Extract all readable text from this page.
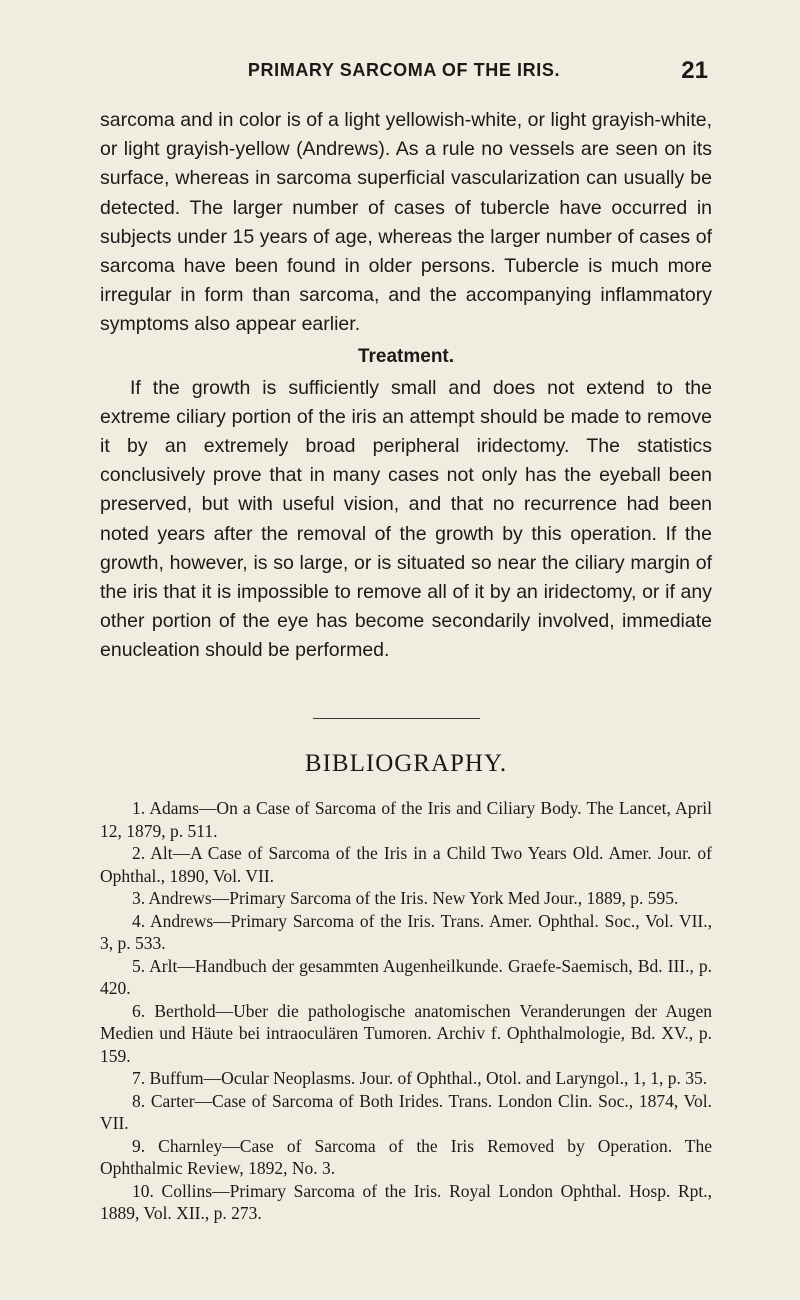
PRIMARY SARCOMA OF THE IRIS.	21

sarcoma and in color is of a light yellowish-white, or light grayish-white, or light grayish-yellow (Andrews). As a rule no vessels are seen on its surface, whereas in sarcoma superficial vascularization can usually be detected. The larger number of cases of tubercle have occurred in subjects under 15 years of age, whereas the larger number of cases of sarcoma have been found in older persons. Tubercle is much more irregular in form than sarcoma, and the accompanying inflammatory symptoms also appear earlier.

Treatment.

If the growth is sufficiently small and does not extend to the extreme ciliary portion of the iris an attempt should be made to remove it by an extremely broad peripheral iridectomy. The statistics conclusively prove that in many cases not only has the eyeball been preserved, but with useful vision, and that no recurrence had been noted years after the removal of the growth by this operation. If the growth, however, is so large, or is situated so near the ciliary margin of the iris that it is impossible to remove all of it by an iridectomy, or if any other portion of the eye has become secondarily involved, immediate enucleation should be performed.

BIBLIOGRAPHY.
1. Adams—On a Case of Sarcoma of the Iris and Ciliary Body. The Lancet, April 12, 1879, p. 511.
2. Alt—A Case of Sarcoma of the Iris in a Child Two Years Old. Amer. Jour. of Ophthal., 1890, Vol. VII.
3. Andrews—Primary Sarcoma of the Iris. New York Med Jour., 1889, p. 595.
4. Andrews—Primary Sarcoma of the Iris. Trans. Amer. Ophthal. Soc., Vol. VII., 3, p. 533.
5. Arlt—Handbuch der gesammten Augenheilkunde. Graefe-Saemisch, Bd. III., p. 420.
6. Berthold—Uber die pathologische anatomischen Veranderungen der Augen Medien und Häute bei intraoculären Tumoren. Archiv f. Ophthalmologie, Bd. XV., p. 159.
7. Buffum—Ocular Neoplasms. Jour. of Ophthal., Otol. and Laryngol., 1, 1, p. 35.
8. Carter—Case of Sarcoma of Both Irides. Trans. London Clin. Soc., 1874, Vol. VII.
9. Charnley—Case of Sarcoma of the Iris Removed by Operation. The Ophthalmic Review, 1892, No. 3.
10. Collins—Primary Sarcoma of the Iris. Royal London Ophthal. Hosp. Rpt., 1889, Vol. XII., p. 273.
